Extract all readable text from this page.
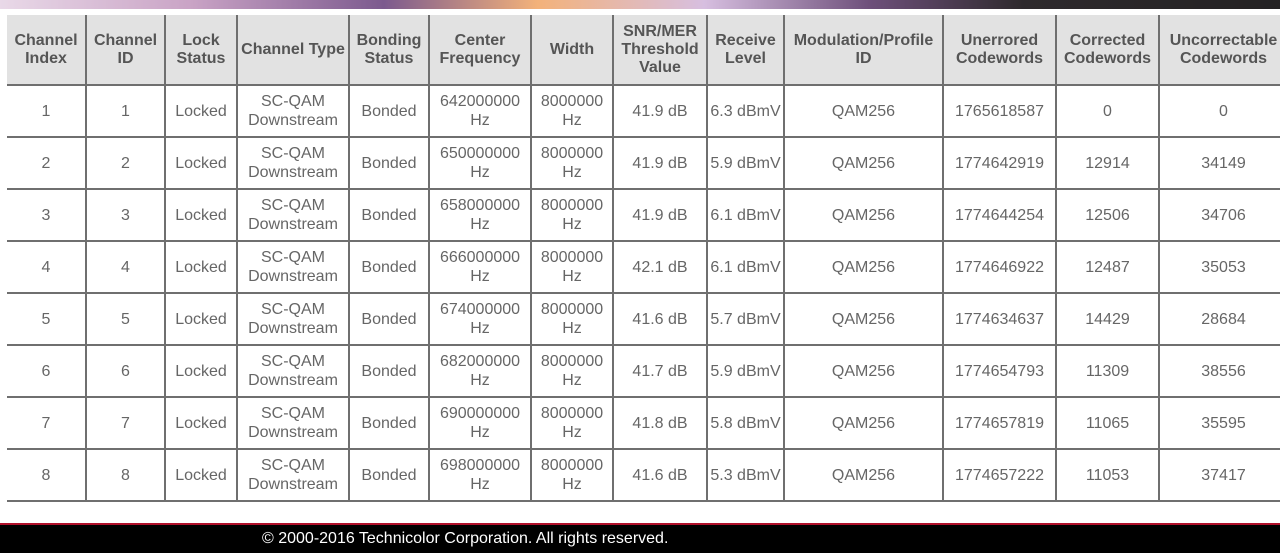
Channel Index	Channel ID	Lock Status	Channel Type	Bonding Status	Center Frequency	Width	SNR/MER Threshold Value	Receive Level	Modulation/Profile ID	Unerrored Codewords	Corrected Codewords	Uncorrectable Codewords
1	1	Locked	SC-QAM Downstream	Bonded	642000000 Hz	8000000 Hz	41.9 dB	6.3 dBmV	QAM256	1765618587	0	0
2	2	Locked	SC-QAM Downstream	Bonded	650000000 Hz	8000000 Hz	41.9 dB	5.9 dBmV	QAM256	1774642919	12914	34149
3	3	Locked	SC-QAM Downstream	Bonded	658000000 Hz	8000000 Hz	41.9 dB	6.1 dBmV	QAM256	1774644254	12506	34706
4	4	Locked	SC-QAM Downstream	Bonded	666000000 Hz	8000000 Hz	42.1 dB	6.1 dBmV	QAM256	1774646922	12487	35053
5	5	Locked	SC-QAM Downstream	Bonded	674000000 Hz	8000000 Hz	41.6 dB	5.7 dBmV	QAM256	1774634637	14429	28684
6	6	Locked	SC-QAM Downstream	Bonded	682000000 Hz	8000000 Hz	41.7 dB	5.9 dBmV	QAM256	1774654793	11309	38556
7	7	Locked	SC-QAM Downstream	Bonded	690000000 Hz	8000000 Hz	41.8 dB	5.8 dBmV	QAM256	1774657819	11065	35595
8	8	Locked	SC-QAM Downstream	Bonded	698000000 Hz	8000000 Hz	41.6 dB	5.3 dBmV	QAM256	1774657222	11053	37417
© 2000-2016 Technicolor Corporation. All rights reserved.
